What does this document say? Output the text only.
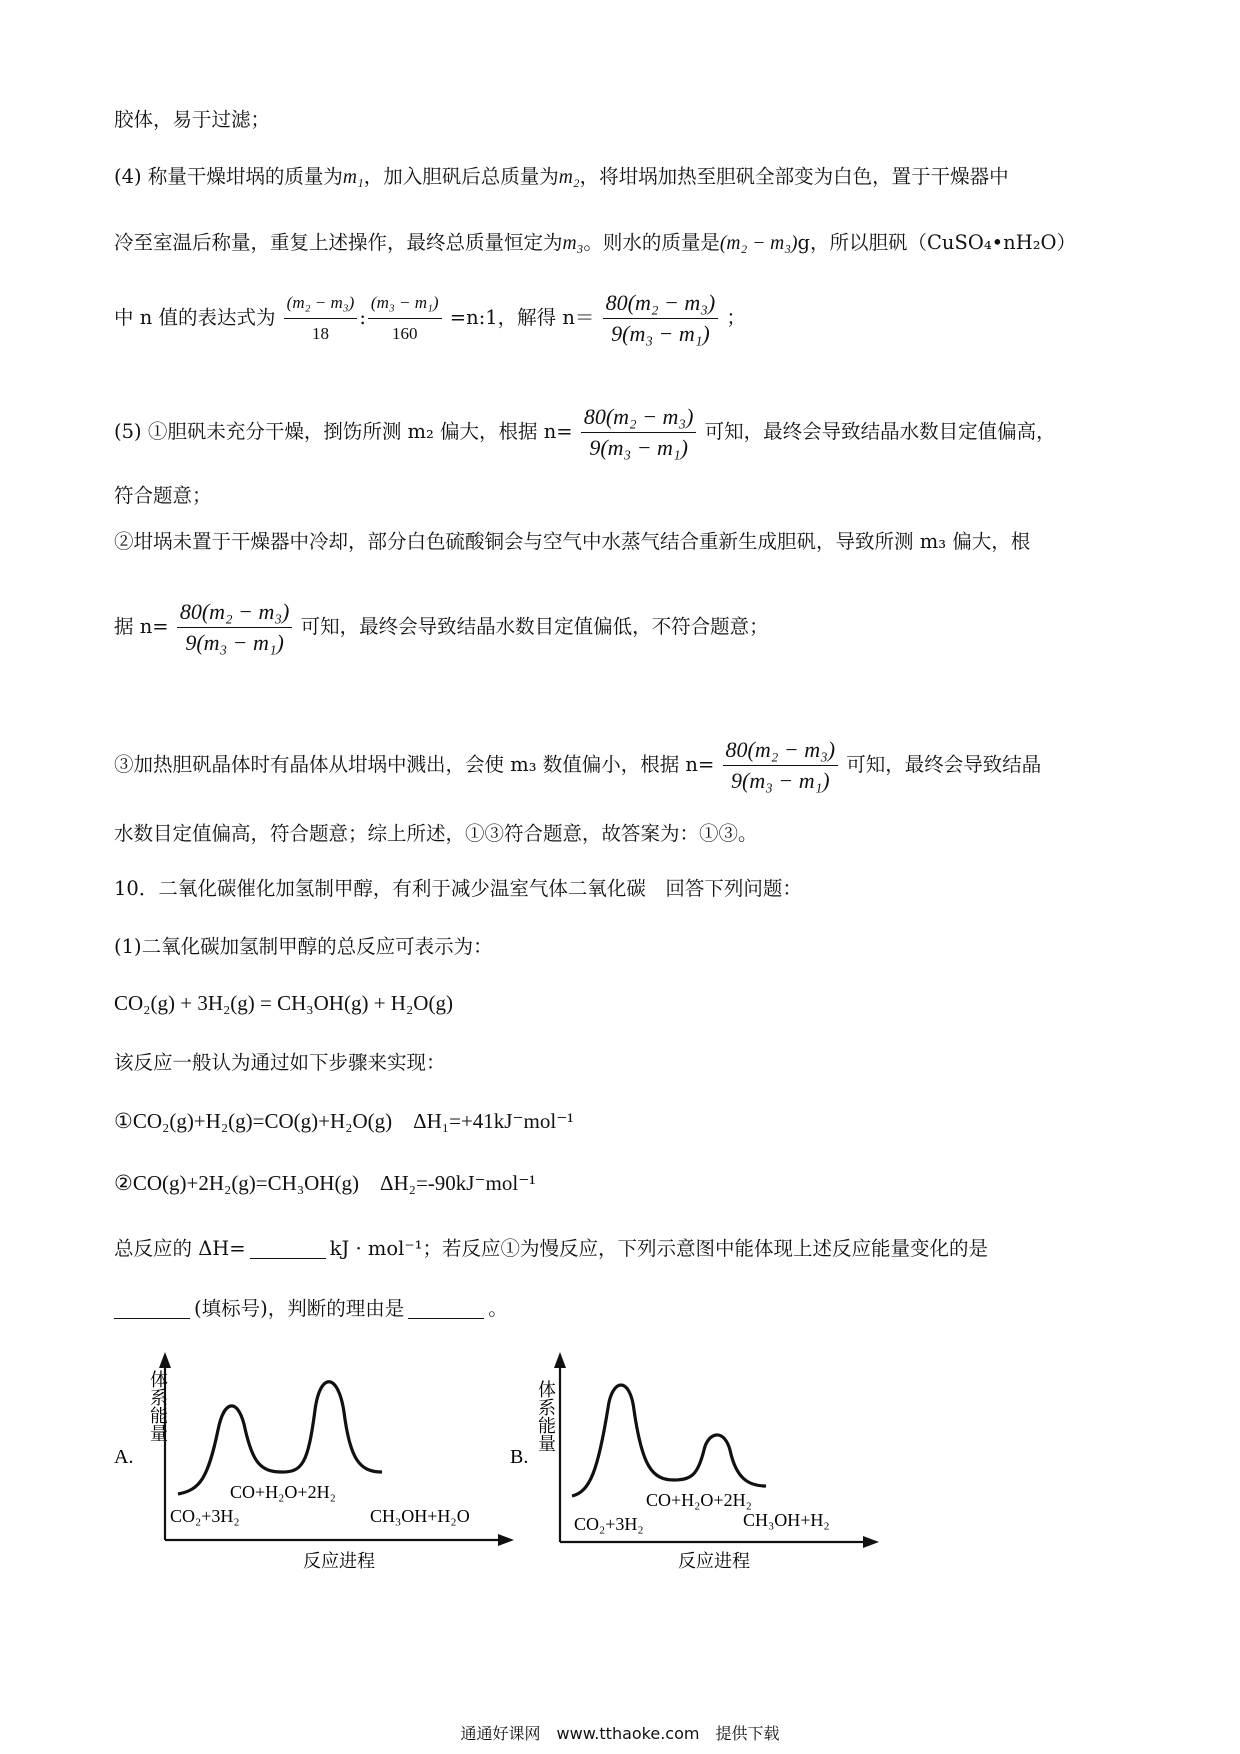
胶体，易于过滤；
(4) 称量干燥坩埚的质量为m₁，加入胆矾后总质量为m₂，将坩埚加热至胆矾全部变为白色，置于干燥器中
冷至室温后称量，重复上述操作，最终总质量恒定为m₃。则水的质量是(m₂ − m₃)g，所以胆矾（CuSO₄•nH₂O）
中 n 值的表达式为 $\frac{\text{(m₂ − m₃)}}{18}$ : $\frac{\text{(m₃ − m₁)}}{160}$ =n:1，解得 $n= \frac{\text{80(m₂ − m₃)}}{\text{9(m₃ − m₁)}}$ ；
(5) ①胆矾未充分干燥，捯饬所测 m₂ 偏大，根据 $n= \frac{\text{80(m₂ − m₃)}}{\text{9(m₃ − m₁)}}$ 可知，最终会导致结晶水数目定值偏高，
符合题意；
②坩埚未置于干燥器中冷却，部分白色硫酸铜会与空气中水蒸气结合重新生成胆矾，导致所测 m₃ 偏大，根
据 $n= \frac{\text{80(m₂ − m₃)}}{\text{9(m₃ − m₁)}}$ 可知，最终会导致结晶水数目定值偏低，不符合题意；
③加热胆矾晶体时有晶体从坩埚中溅出，会使 m₃ 数值偏小，根据 $n= \frac{\text{80(m₂ − m₃)}}{\text{9(m₃ − m₁)}}$ 可知，最终会导致结晶
水数目定值偏高，符合题意；综上所述，①③符合题意，故答案为：①③。
10．二氧化碳催化加氢制甲醇，有利于减少温室气体二氧化碳　回答下列问题：
(1)二氧化碳加氢制甲醇的总反应可表示为：
CO₂(g) + 3H₂(g) = CH₃OH(g) + H₂O(g)
该反应一般认为通过如下步骤来实现：
①CO₂(g)+H₂(g)=CO(g)+H₂O(g)　ΔH₁=+41kJ⁻mol⁻¹
②CO(g)+2H₂(g)=CH₃OH(g)　ΔH₂=-90kJ⁻mol⁻¹
总反应的 ΔH=	kJ · mol⁻¹；若反应①为慢反应，下列示意图中能体现上述反应能量变化的是
(填标号)，判断的理由是	。
A.
体
系
能
量
CO+H₂O+2H₂
CO₂+3H₂	CH₃OH+H₂O
反应进程
B.
体
系
能
量
CO+H₂O+2H₂
CO₂+3H₂	CH₃OH+H₂
反应进程
通通好课网　www.tthaoke.com　提供下载
